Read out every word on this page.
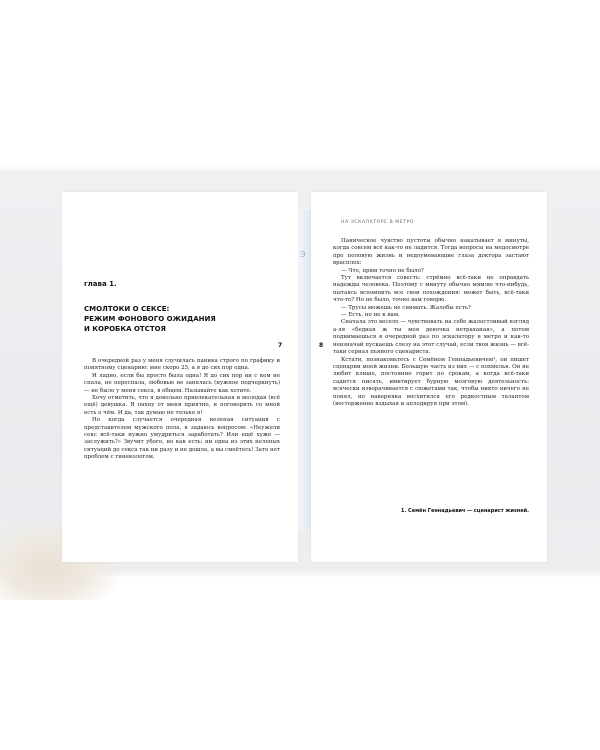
Э
глава 1.
СМОЛТОКИ О СЕКСЕ:
РЕЖИМ ФОНОВОГО ОЖИДАНИЯ
И КОРОБКА ОТСТОЯ
7

В очередной раз у меня случилась паника строго по графику и понятному сценарию: мне скоро 25, а я до сих пор одна.

И ладно, если бы просто была одна! Я до сих пор ни с кем не спала, не переспала, любовью не занялась (нужное подчеркнуть) — не было у меня секса, в общем. Называйте как хотите.

Хочу отметить, что я довольно привлекательная и молодая (всё ещё) девушка. Я пахну от меня приятно, и поговорить со мной есть о чём. И да, так думаю не только я!

Но когда случается очередная нелепая ситуация с представителем мужского пола, я задаюсь вопросом: «Неужели секс всё-таки нужно умудриться заработать? Или ещё хуже — заслужить?» Звучит убого, но как есть: ни одна из этих нелепых ситуаций до секса так ни разу и не дошла, а вы смеётесь! Зато нет проблем с гинекологом.

НА ЭСКАЛАТОРЕ В МЕТРО
8

Паническое чувство пустоты обычно накатывает в минуты, когда совсем всё как-то не ладится. Тогда вопросы на медосмотре про половую жизнь и недоумевающие глаза доктора застают врасплох:

— Что, прям точно не было?

Тут включается совесть: стрёмно всё-таки не оправдать надежды человека. Поэтому с минуту обычно мямлю что-нибудь, пытаясь вспомнить все свои похождения: может быть, всё-таки что-то? Но не было, точно вам говорю.

— Трусы можешь не снимать. Жалобы есть?

— Есть, но не к вам.

Сначала это весело — чувствовать на себе жалостливый взгляд а-ля «бедная ж ты моя девочка нетраханая», а потом поднимаешься в очередной раз по эскалатору в метро и как-то невзначай пускаешь слезу на этот случай, если твоя жизнь — всё-таки сериал пьяного сценариста.

Кстати, познакомьтесь с Семёном Геннадьевичем¹, он пишет сценарии моей жизни. Большую часть из них — с похмелья. Он не любит клише, постоянно горит по срокам, а когда всё-таки садится писать, имитирует бурную мозговую деятельность: всячески изворачивается с сюжетами так, чтобы никто ничего не понял, но наверняка восхитился его редкостным талантом (восторженно вздыхая и аплодируя при этом).

1. Семён Геннадьевич — сценарист жизней.
